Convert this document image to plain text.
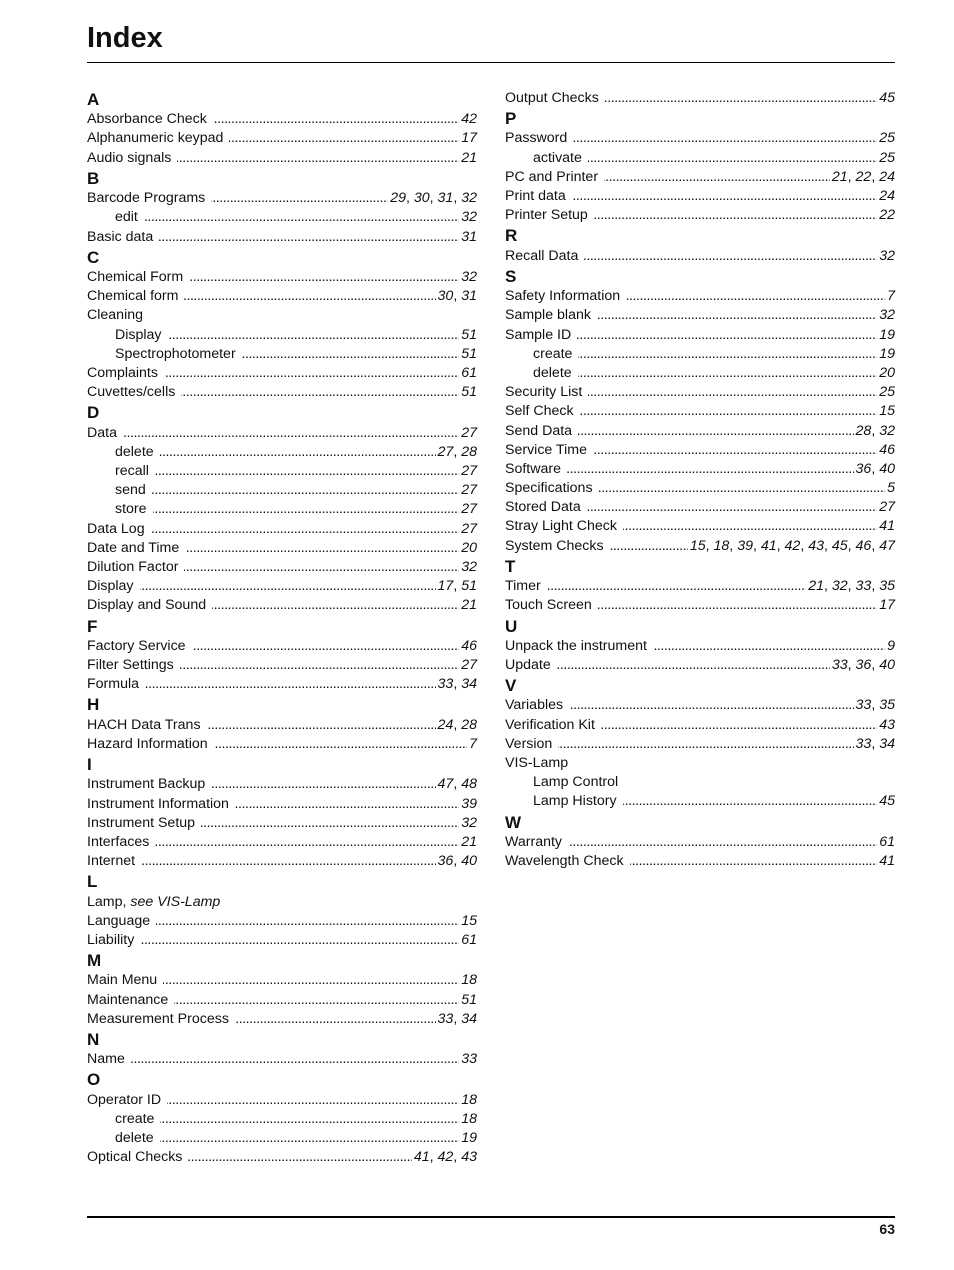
Index
A
Absorbance Check . . .	42
Alphanumeric keypad . . .	17
Audio signals . . .	21
B
Barcode Programs . . .	29, 30, 31, 32
edit . . .	32
Basic data . . .	31
C
Chemical Form . . .	32
Chemical form . . .	30, 31
Cleaning
Display . . .	51
Spectrophotometer . . .	51
Complaints . . .	61
Cuvettes/cells . . .	51
D
Data . . .	27
delete . . .	27, 28
recall . . .	27
send . . .	27
store . . .	27
Data Log . . .	27
Date and Time . . .	20
Dilution Factor . . .	32
Display . . .	17, 51
Display and Sound . . .	21
F
Factory Service . . .	46
Filter Settings . . .	27
Formula . . .	33, 34
H
HACH Data Trans . . .	24, 28
Hazard Information . . .	7
I
Instrument Backup . . .	47, 48
Instrument Information . . .	39
Instrument Setup . . .	32
Interfaces . . .	21
Internet . . .	36, 40
L
Lamp, see VIS-Lamp
Language . . .	15
Liability . . .	61
M
Main Menu . . .	18
Maintenance . . .	51
Measurement Process . . .	33, 34
N
Name . . .	33
O
Operator ID . . .	18
create . . .	18
delete . . .	19
Optical Checks . . .	41, 42, 43
Output Checks . . .	45
P
Password . . .	25
activate . . .	25
PC and Printer . . .	21, 22, 24
Print data . . .	24
Printer Setup . . .	22
R
Recall Data . . .	32
S
Safety Information . . .	7
Sample blank . . .	32
Sample ID . . .	19
create . . .	19
delete . . .	20
Security List . . .	25
Self Check . . .	15
Send Data . . .	28, 32
Service Time . . .	46
Software . . .	36, 40
Specifications . . .	5
Stored Data . . .	27
Stray Light Check . . .	41
System Checks . . .	15, 18, 39, 41, 42, 43, 45, 46, 47
T
Timer . . .	21, 32, 33, 35
Touch Screen . . .	17
U
Unpack the instrument . . .	9
Update . . .	33, 36, 40
V
Variables . . .	33, 35
Verification Kit . . .	43
Version . . .	33, 34
VIS-Lamp
Lamp Control
Lamp History . . .	45
W
Warranty . . .	61
Wavelength Check . . .	41
63
